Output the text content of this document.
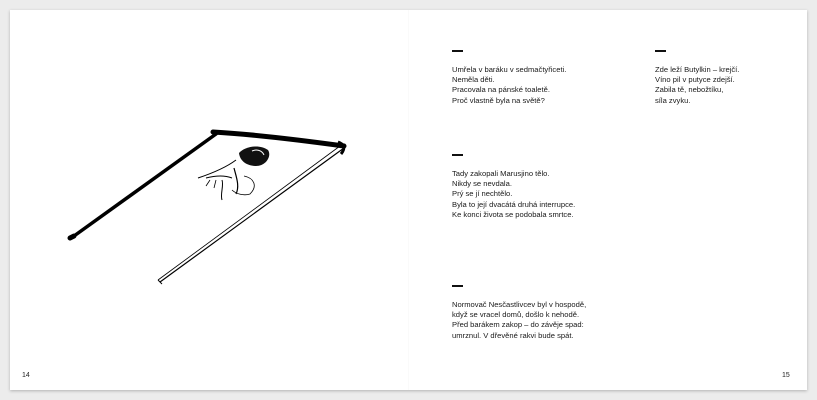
Umřela v baráku v sedmačtyřiceti.
Neměla děti.
Pracovala na pánské toaletě.
Proč vlastně byla na světě?
Zde leží Butylkin – krejčí.
Víno pil v putyce zdejší.
Zabila tě, nebožtíku,
síla zvyku.
Tady zakopali Marusjino tělo.
Nikdy se nevdala.
Prý se jí nechtělo.
Byla to její dvacátá druhá interrupce.
Ke konci života se podobala smrtce.
Normovač Nesčastlivcev byl v hospodě,
když se vracel domů, došlo k nehodě.
Před barákem zakop – do závěje spad:
umrznul. V dřevěné rakvi bude spát.
14	15
